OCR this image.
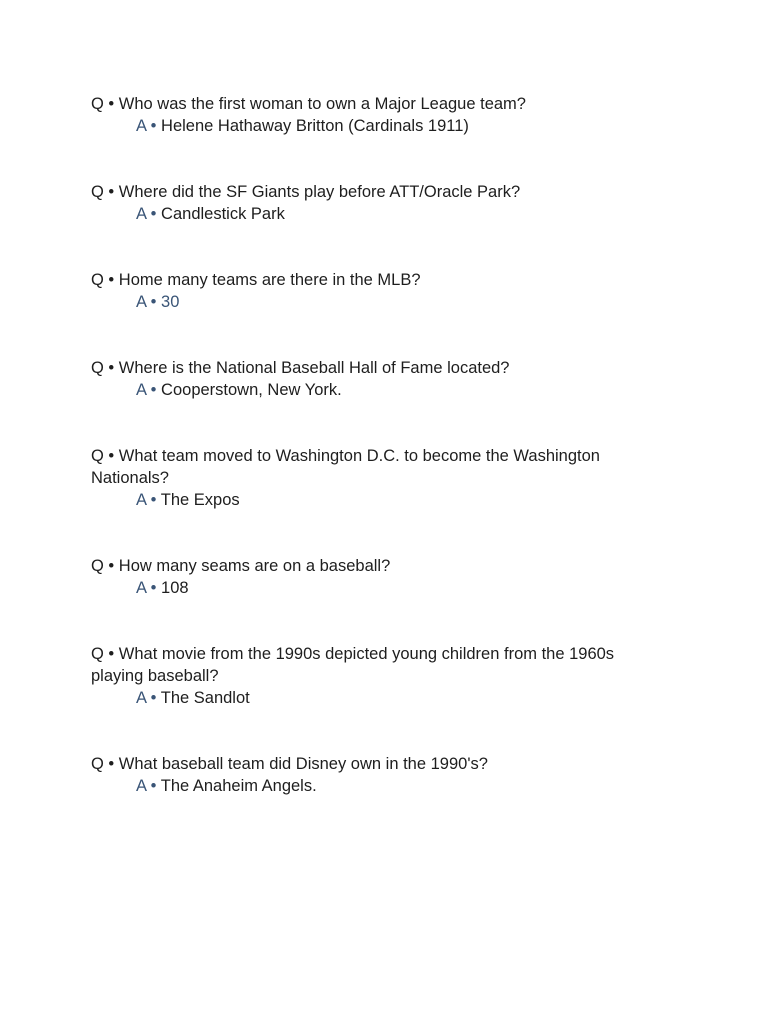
Q • Who was the first woman to own a Major League team?
A • Helene Hathaway Britton (Cardinals 1911)
Q • Where did the SF Giants play before ATT/Oracle Park?
A • Candlestick Park
Q • Home many teams are there in the MLB?
A • 30
Q • Where is the National Baseball Hall of Fame located?
A • Cooperstown, New York.
Q • What team moved to Washington D.C. to become the Washington Nationals?
A • The Expos
Q • How many seams are on a baseball?
A • 108
Q • What movie from the 1990s depicted young children from the 1960s playing baseball?
A • The Sandlot
Q • What baseball team did Disney own in the 1990's?
A • The Anaheim Angels.
